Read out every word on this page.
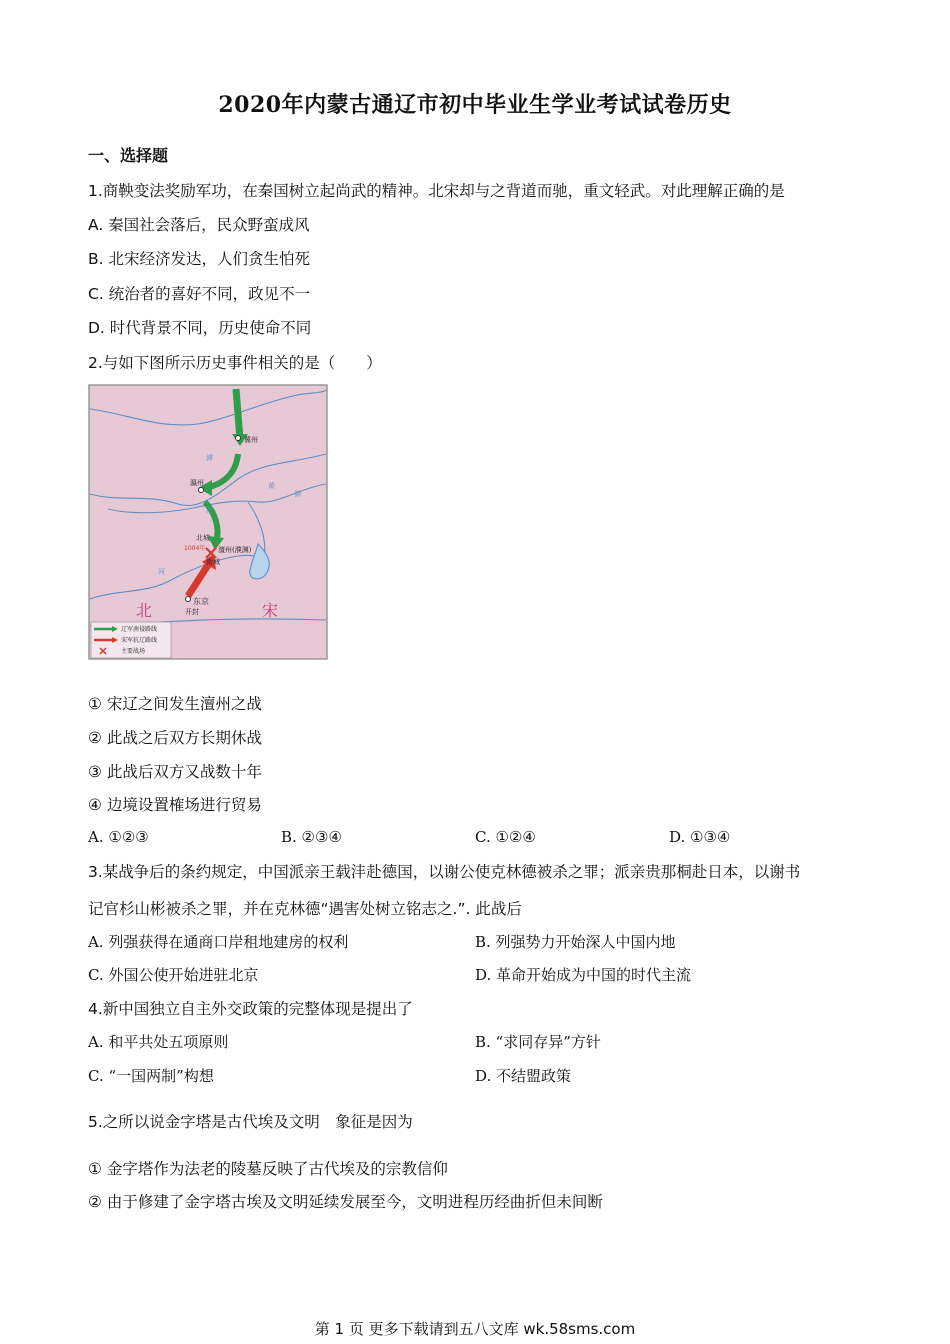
2020年内蒙古通辽市初中毕业生学业考试试卷历史
一、选择题
1.商鞅变法奖励军功，在秦国树立起尚武的精神。北宋却与之背道而驰，重文轻武。对此理解正确的是
A. 秦国社会落后，民众野蛮成风
B. 北宋经济发达，人们贪生怕死
C. 统治者的喜好不同，政见不一
D. 时代背景不同，历史使命不同
2.与如下图所示历史事件相关的是（　　）
冀州
瀛州
北城
1004年 澶州(濮渊)
南城
东京
开封
滹
沱
黄
御
河
北	宋
辽军南侵路线
宋军抗辽路线
主要战场
① 宋辽之间发生澶州之战
② 此战之后双方长期休战
③ 此战后双方又战数十年
④ 边境设置榷场进行贸易
A. ①②③	B. ②③④	C. ①②④	D. ①③④
3.某战争后的条约规定，中国派亲王载沣赴德国，以谢公使克林德被杀之罪；派亲贵那桐赴日本，以谢书
记官杉山彬被杀之罪，并在克林德“遇害处树立铭志之.”. 此战后
A. 列强获得在通商口岸租地建房的权利	B. 列强势力开始深人中国内地
C. 外国公使开始进驻北京	D. 革命开始成为中国的时代主流
4.新中国独立自主外交政策的完整体现是提出了
A. 和平共处五项原则	B. “求同存异”方针
C. “一国两制”构想	D. 不结盟政策
5.之所以说金字塔是古代埃及文明　象征是因为
① 金字塔作为法老的陵墓反映了古代埃及的宗教信仰
② 由于修建了金字塔古埃及文明延续发展至今，文明进程历经曲折但未间断
第 1 页 更多下载请到五八文库 wk.58sms.com
